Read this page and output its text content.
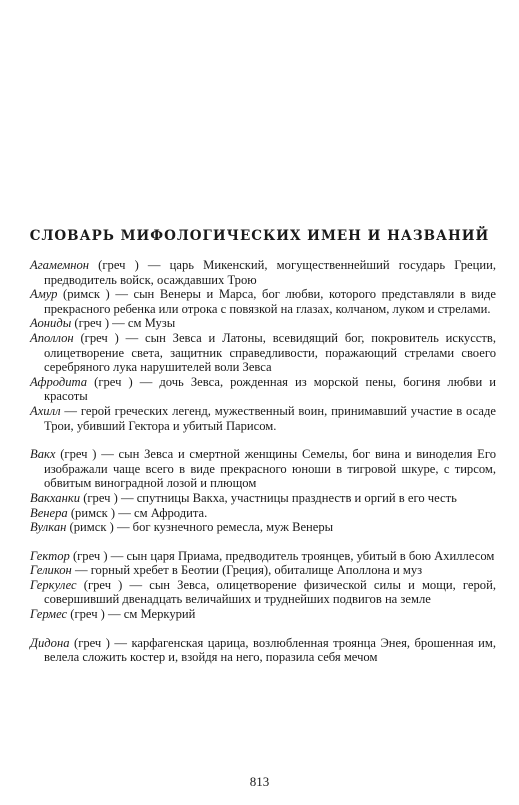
СЛОВАРЬ МИФОЛОГИЧЕСКИХ ИМЕН И НАЗВАНИЙ

Агамемнон (греч ) — царь Микенский, могущественнейший государь Греции, предводитель войск, осаждавших Трою

Амур (римск ) — сын Венеры и Марса, бог любви, которого представляли в виде прекрасного ребенка или отрока с повязкой на глазах, колчаном, луком и стрелами.

Аониды (греч ) — см Музы

Аполлон (греч ) — сын Зевса и Латоны, всевидящий бог, покровитель искусств, олицетворение света, защитник справедливости, поражающий стрелами своего серебряного лука нарушителей воли Зевса

Афродита (греч ) — дочь Зевса, рожденная из морской пены, богиня любви и красоты

Ахилл — герой греческих легенд, мужественный воин, принимавший участие в осаде Трои, убивший Гектора и убитый Парисом.

Вакх (греч ) — сын Зевса и смертной женщины Семелы, бог вина и виноделия Его изображали чаще всего в виде прекрасного юноши в тигровой шкуре, с тирсом, обвитым виноградной лозой и плющом

Вакханки (греч ) — спутницы Вакха, участницы празднеств и оргий в его честь

Венера (римск ) — см Афродита.

Вулкан (римск ) — бог кузнечного ремесла, муж Венеры

Гектор (греч ) — сын царя Приама, предводитель троянцев, убитый в бою Ахиллесом

Геликон — горный хребет в Беотии (Греция), обиталище Аполлона и муз

Геркулес (греч ) — сын Зевса, олицетворение физической силы и мощи, герой, совершивший двенадцать величайших и труднейших подвигов на земле

Гермес (греч ) — см Меркурий

Дидона (греч ) — карфагенская царица, возлюбленная троянца Энея, брошенная им, велела сложить костер и, взойдя на него, поразила себя мечом

813
